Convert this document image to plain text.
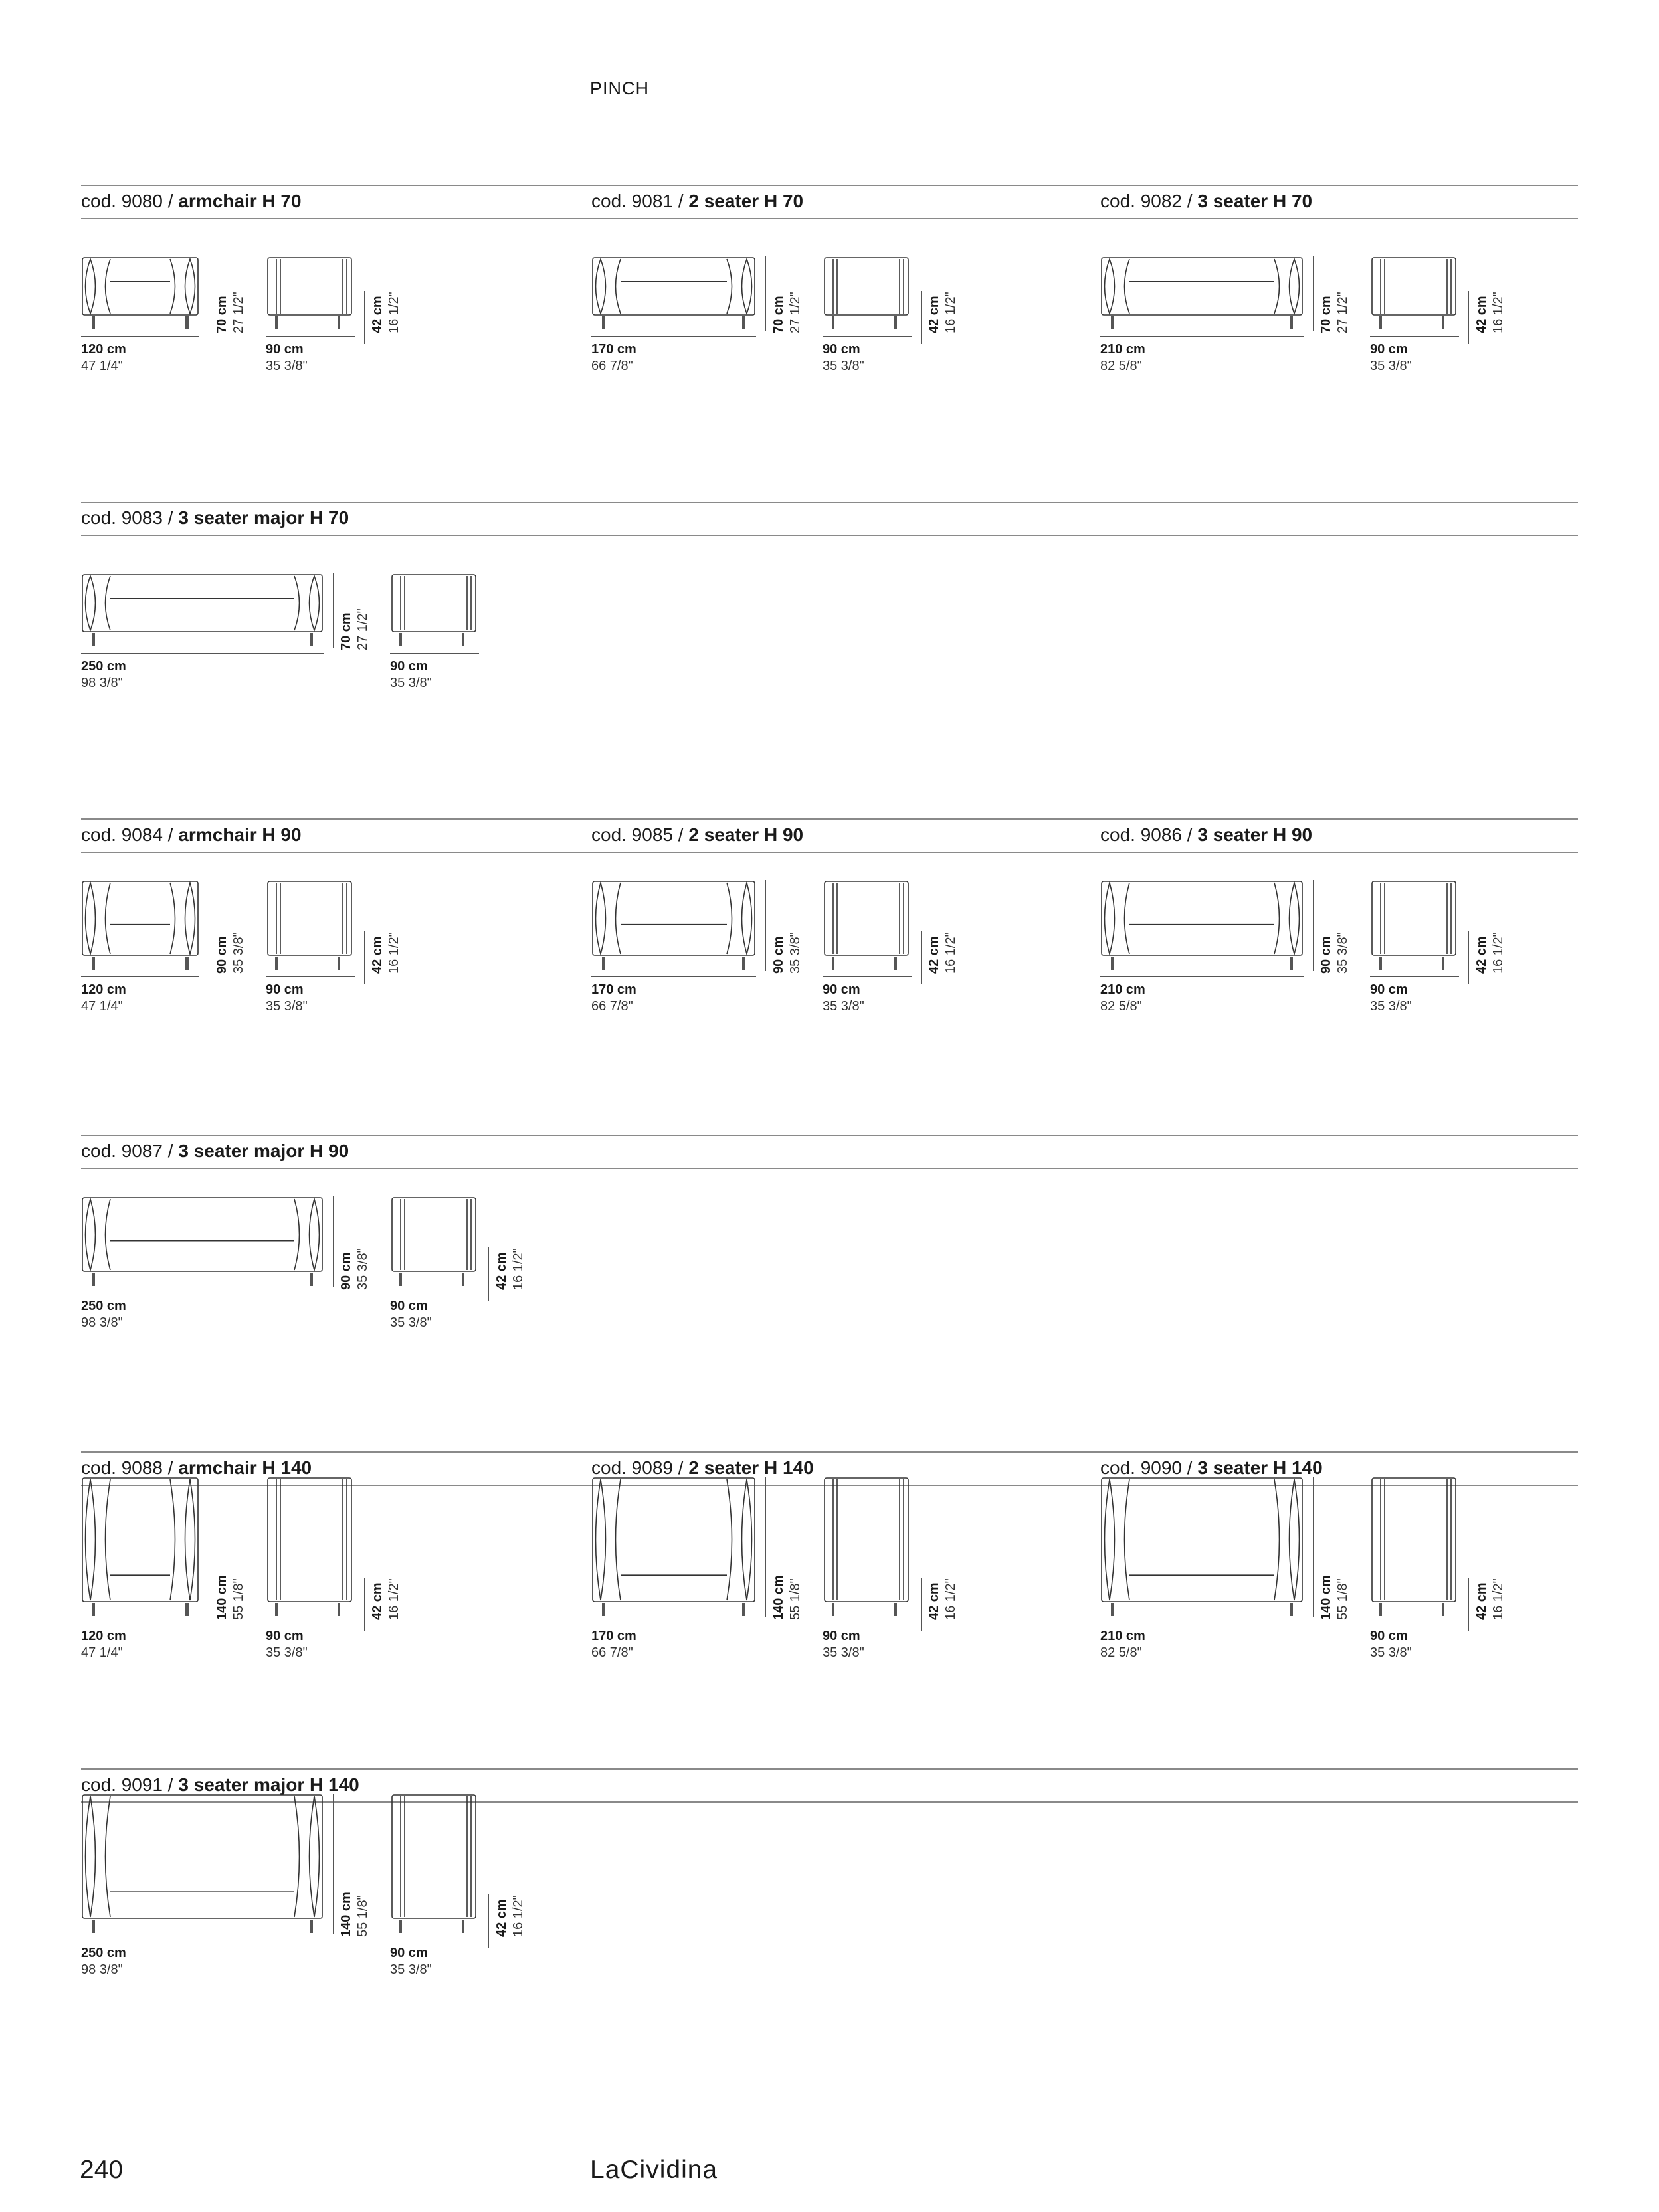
PINCH
cod. 9080 / armchair H 70
120 cm
47 1/4"
70 cm 27 1/2"
90 cm
35 3/8"
42 cm 16 1/2"
cod. 9081 / 2 seater H 70
170 cm
66 7/8"
70 cm 27 1/2"
90 cm
35 3/8"
42 cm 16 1/2"
cod. 9082 / 3 seater H 70
210 cm
82 5/8"
70 cm 27 1/2"
90 cm
35 3/8"
42 cm 16 1/2"
cod. 9083 / 3 seater major H 70
250 cm
98 3/8"
70 cm 27 1/2"
90 cm
35 3/8"
cod. 9084 / armchair H 90
120 cm
47 1/4"
90 cm 35 3/8"
90 cm
35 3/8"
42 cm 16 1/2"
cod. 9085 / 2 seater H 90
170 cm
66 7/8"
90 cm 35 3/8"
90 cm
35 3/8"
42 cm 16 1/2"
cod. 9086 / 3 seater H 90
210 cm
82 5/8"
90 cm 35 3/8"
90 cm
35 3/8"
42 cm 16 1/2"
cod. 9087 / 3 seater major H 90
250 cm
98 3/8"
90 cm 35 3/8"
90 cm
35 3/8"
42 cm 16 1/2"
cod. 9088 / armchair H 140
120 cm
47 1/4"
140 cm 55 1/8"
90 cm
35 3/8"
42 cm 16 1/2"
cod. 9089 / 2 seater H 140
170 cm
66 7/8"
140 cm 55 1/8"
90 cm
35 3/8"
42 cm 16 1/2"
cod. 9090 / 3 seater H 140
210 cm
82 5/8"
140 cm 55 1/8"
90 cm
35 3/8"
42 cm 16 1/2"
cod. 9091 / 3 seater major H 140
250 cm
98 3/8"
140 cm 55 1/8"
90 cm
35 3/8"
42 cm 16 1/2"
240	LaCividina
